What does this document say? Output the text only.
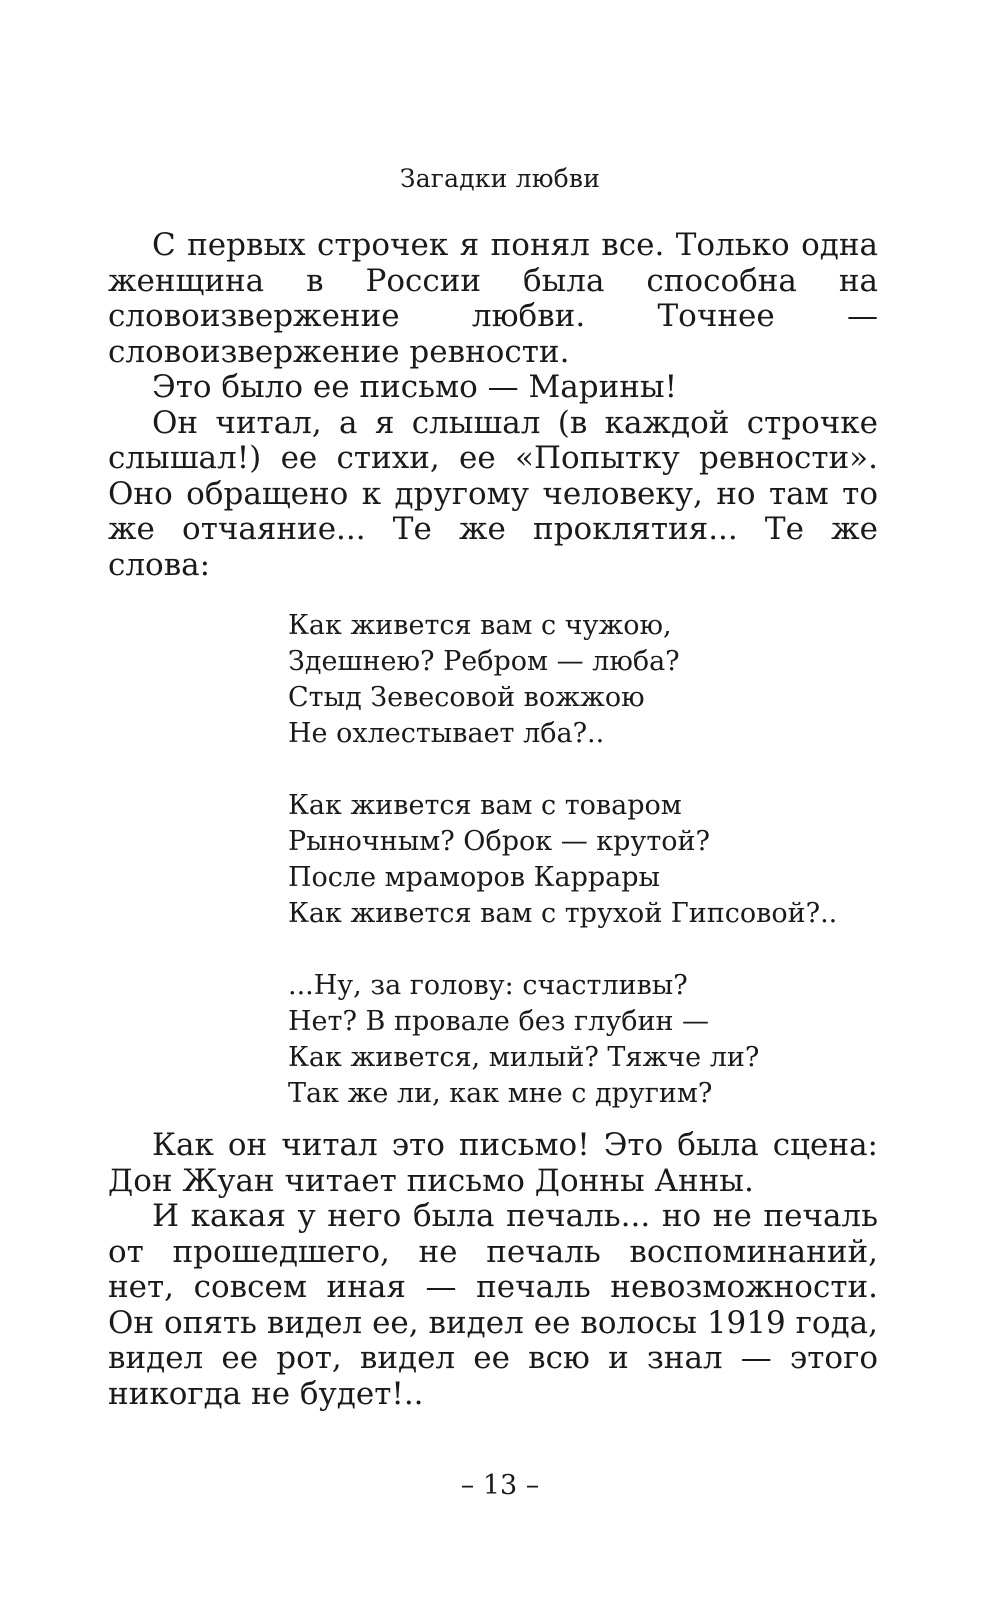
Загадки любви

С первых строчек я понял все. Только одна женщина в России была способна на словоизвержение любви. Точнее — словоизвержение ревности.

Это было ее письмо — Марины!

Он читал, а я слышал (в каждой строчке слышал!) ее стихи, ее «Попытку ревности». Оно обращено к другому человеку, но там то же отчаяние... Те же проклятия... Те же слова:

Как живется вам с чужою,
Здешнею? Ребром — люба?
Стыд Зевесовой вожжою
Не охлестывает лба?..
Как живется вам с товаром
Рыночным? Оброк — крутой?
После мраморов Каррары
Как живется вам с трухой Гипсовой?..
...Ну, за голову: счастливы?
Нет? В провале без глубин —
Как живется, милый? Тяжче ли?
Так же ли, как мне с другим?

Как он читал это письмо! Это была сцена: Дон Жуан читает письмо Донны Анны.

И какая у него была печаль... но не печаль от прошедшего, не печаль воспоминаний, нет, совсем иная — печаль невозможности. Он опять видел ее, видел ее волосы 1919 года, видел ее рот, видел ее всю и знал — этого никогда не будет!..

– 13 –
